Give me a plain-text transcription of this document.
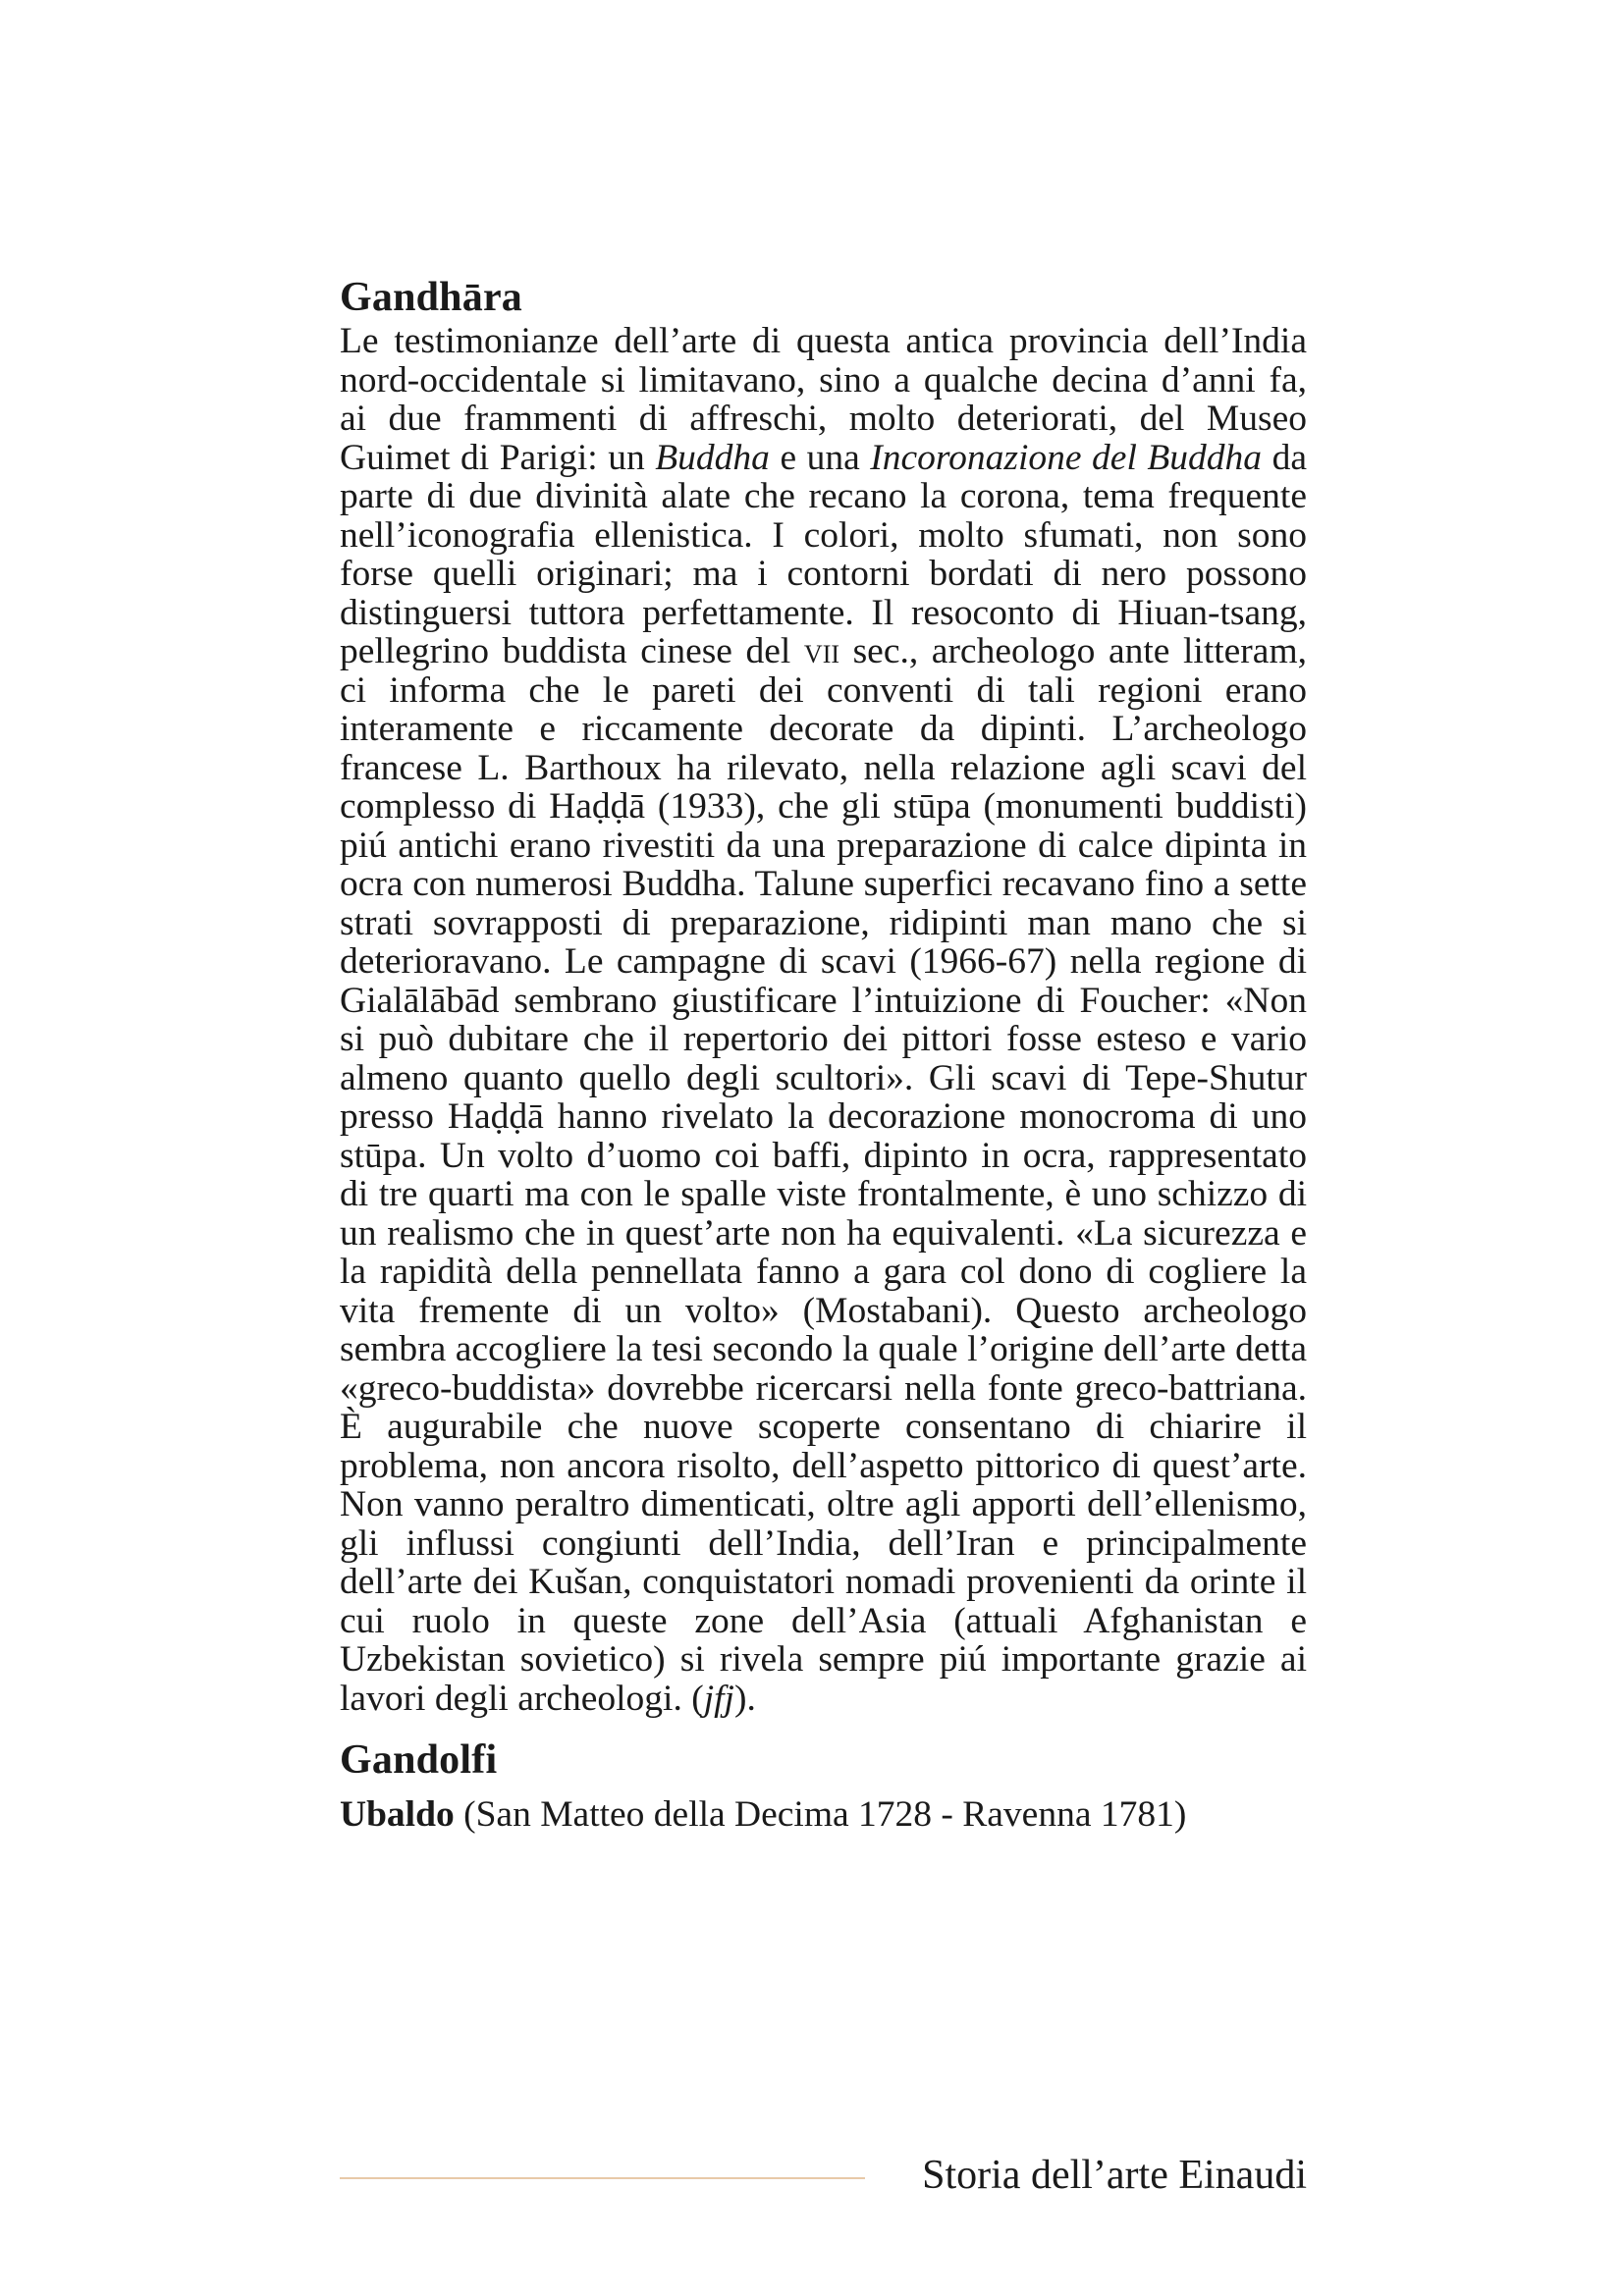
Gandhāra

Le testimonianze dell’arte di questa antica provincia dell’India nord-occidentale si limitavano, sino a qualche decina d’anni fa, ai due frammenti di affreschi, molto deteriorati, del Museo Guimet di Parigi: un Buddha e una Incoronazione del Buddha da parte di due divinità alate che recano la corona, tema frequente nell’iconografia ellenistica. I colori, molto sfumati, non sono forse quelli originari; ma i contorni bordati di nero possono distinguersi tuttora perfettamente. Il resoconto di Hiuan-tsang, pellegrino buddista cinese del vii sec., archeologo ante litteram, ci informa che le pareti dei conventi di tali regioni erano interamente e riccamente decorate da dipinti. L’archeologo francese L. Barthoux ha rilevato, nella relazione agli scavi del complesso di Haḍḍā (1933), che gli stūpa (monumenti buddisti) piú antichi erano rivestiti da una preparazione di calce dipinta in ocra con numerosi Buddha. Talune superfici recavano fino a sette strati sovrapposti di preparazione, ridipinti man mano che si deterioravano. Le campagne di scavi (1966-67) nella regione di Gialālābād sembrano giustificare l’intuizione di Foucher: «Non si può dubitare che il repertorio dei pittori fosse esteso e vario almeno quanto quello degli scultori». Gli scavi di Tepe-Shutur presso Haḍḍā hanno rivelato la decorazione monocroma di uno stūpa. Un volto d’uomo coi baffi, dipinto in ocra, rappresentato di tre quarti ma con le spalle viste frontalmente, è uno schizzo di un realismo che in quest’arte non ha equivalenti. «La sicurezza e la rapidità della pennellata fanno a gara col dono di cogliere la vita fremente di un volto» (Mostabani). Questo archeologo sembra accogliere la tesi secondo la quale l’origine dell’arte detta «greco-buddista» dovrebbe ricercarsi nella fonte greco-battriana. È augurabile che nuove scoperte consentano di chiarire il problema, non ancora risolto, dell’aspetto pittorico di quest’arte. Non vanno peraltro dimenticati, oltre agli apporti dell’ellenismo, gli influssi congiunti dell’India, dell’Iran e principalmente dell’arte dei Kušan, conquistatori nomadi provenienti da orinte il cui ruolo in queste zone dell’Asia (attuali Afghanistan e Uzbekistan sovietico) si rivela sempre piú importante grazie ai lavori degli archeologi. (jfj).

Gandolfi

Ubaldo (San Matteo della Decima 1728 - Ravenna 1781)

Storia dell’arte Einaudi
